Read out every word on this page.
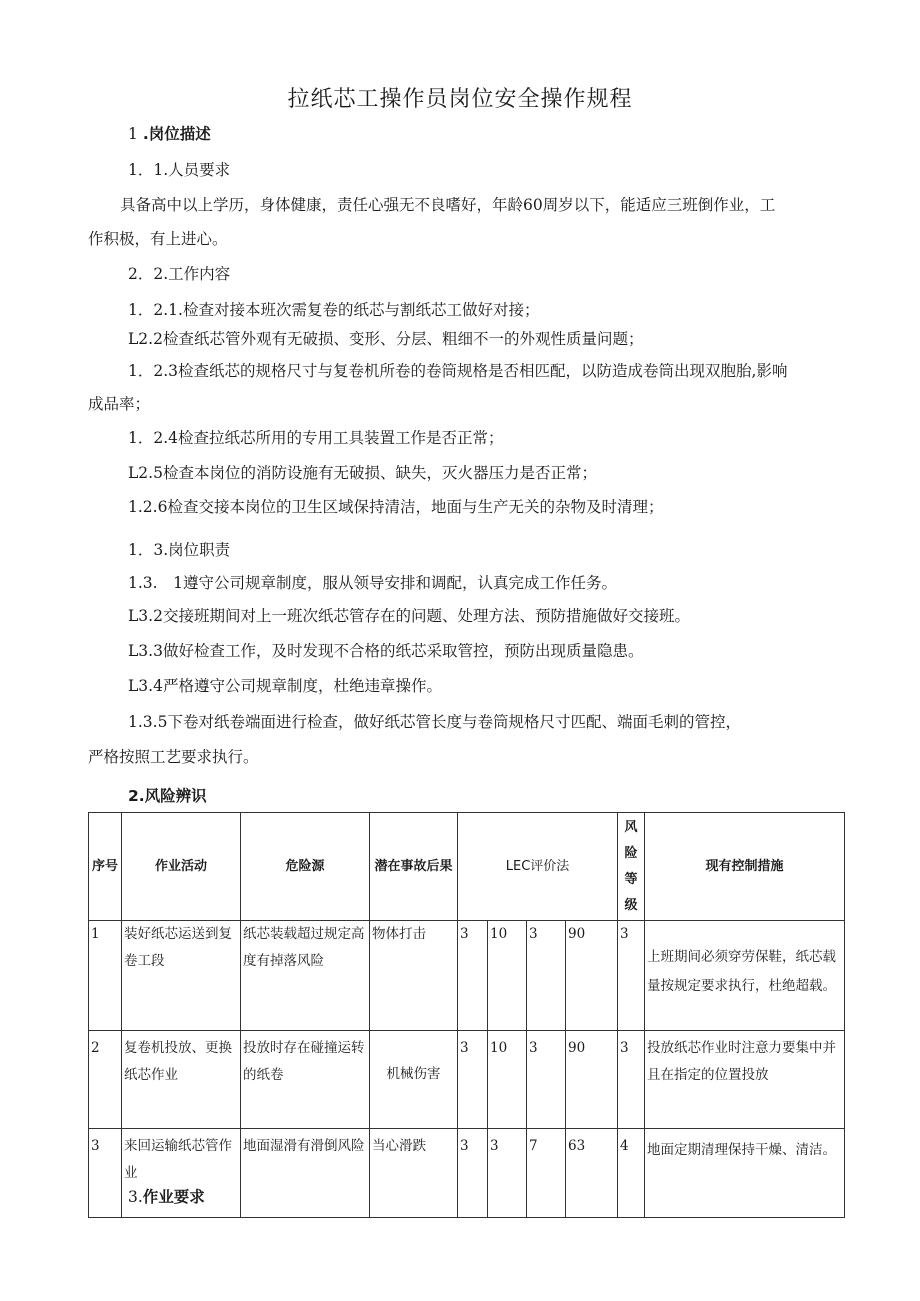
拉纸芯工操作员岗位安全操作规程
1 .岗位描述
1．1.人员要求
具备高中以上学历，身体健康，责任心强无不良嗜好，年龄60周岁以下，能适应三班倒作业，工
作积极，有上进心。
2．2.工作内容
1．2.1.检查对接本班次需复卷的纸芯与割纸芯工做好对接；
L2.2检查纸芯管外观有无破损、变形、分层、粗细不一的外观性质量问题；
1．2.3检查纸芯的规格尺寸与复卷机所卷的卷筒规格是否相匹配，以防造成卷筒出现双胞胎,影响
成品率；
1．2.4检查拉纸芯所用的专用工具装置工作是否正常；
L2.5检查本岗位的消防设施有无破损、缺失，灭火器压力是否正常；
1.2.6检查交接本岗位的卫生区域保持清洁，地面与生产无关的杂物及时清理；
1．3.岗位职责
1.3.　1遵守公司规章制度，服从领导安排和调配，认真完成工作任务。
L3.2交接班期间对上一班次纸芯管存在的问题、处理方法、预防措施做好交接班。
L3.3做好检查工作，及时发现不合格的纸芯采取管控，预防出现质量隐患。
L3.4严格遵守公司规章制度，杜绝违章操作。
1.3.5下卷对纸卷端面进行检查，做好纸芯管长度与卷筒规格尺寸匹配、端面毛刺的管控，
严格按照工艺要求执行。
2.风险辨识
序号	作业活动	危险源	潜在事故后果	LEC评价法				风险等级	现有控制措施
1	装好纸芯运送到复卷工段	纸芯装载超过规定高度有掉落风险	物体打击	3	10	3	90	3	上班期间必须穿劳保鞋，纸芯载量按规定要求执行，杜绝超载。
2	复卷机投放、更换纸芯作业	投放时存在碰撞运转的纸卷	机械伤害	3	10	3	90	3	投放纸芯作业时注意力要集中并且在指定的位置投放
3	来回运输纸芯管作业	地面湿滑有滑倒风险	当心滑跌	3	3	7	63	4	地面定期清理保持干燥、清洁。
3.作业要求
